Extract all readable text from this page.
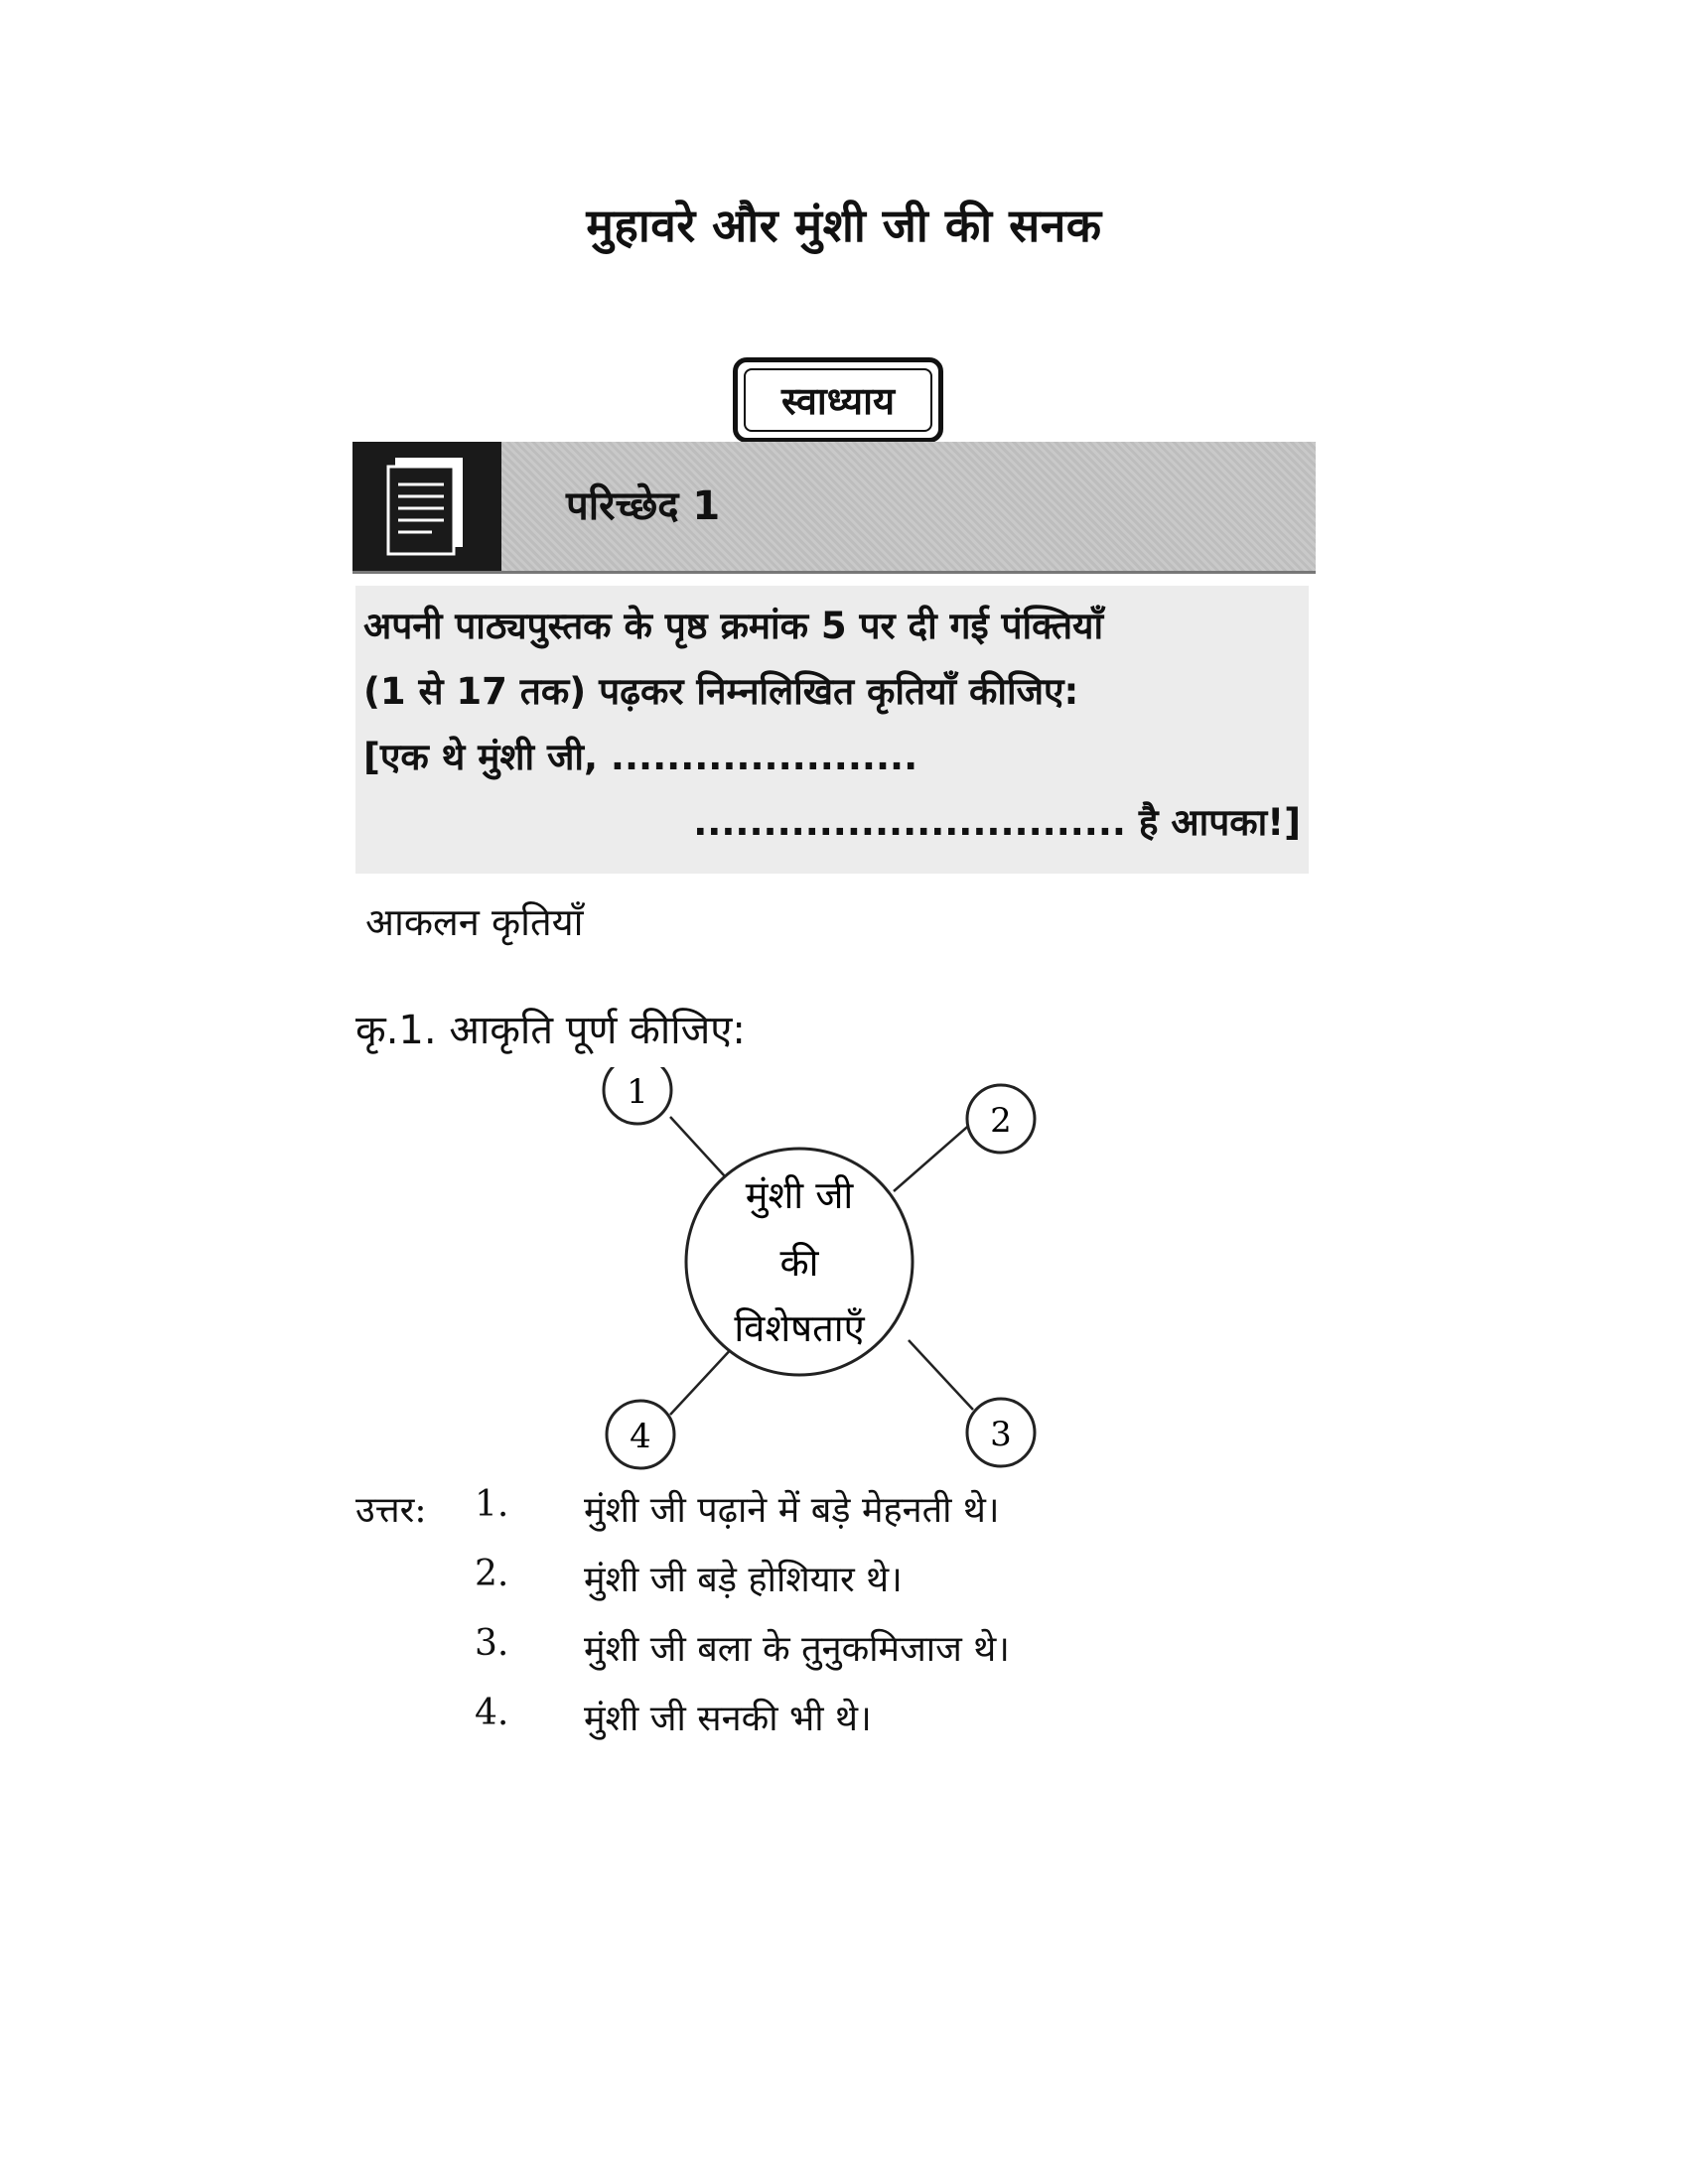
मुहावरे और मुंशी जी की सनक
स्वाध्याय
परिच्छेद 1
अपनी पाठ्यपुस्तक के पृष्ठ क्रमांक 5 पर दी गई पंक्तियाँ
(1 से 17 तक) पढ़कर निम्नलिखित कृतियाँ कीजिए:
[एक थे मुंशी जी, ......................
............................... है आपका!]
आकलन कृतियाँ
कृ.1. आकृति पूर्ण कीजिए:
मुंशी जी
की
विशेषताएँ
1
2
3
4
उत्तर: 1. मुंशी जी पढ़ाने में बड़े मेहनती थे।
2. मुंशी जी बड़े होशियार थे।
3. मुंशी जी बला के तुनुकमिजाज थे।
4. मुंशी जी सनकी भी थे।
